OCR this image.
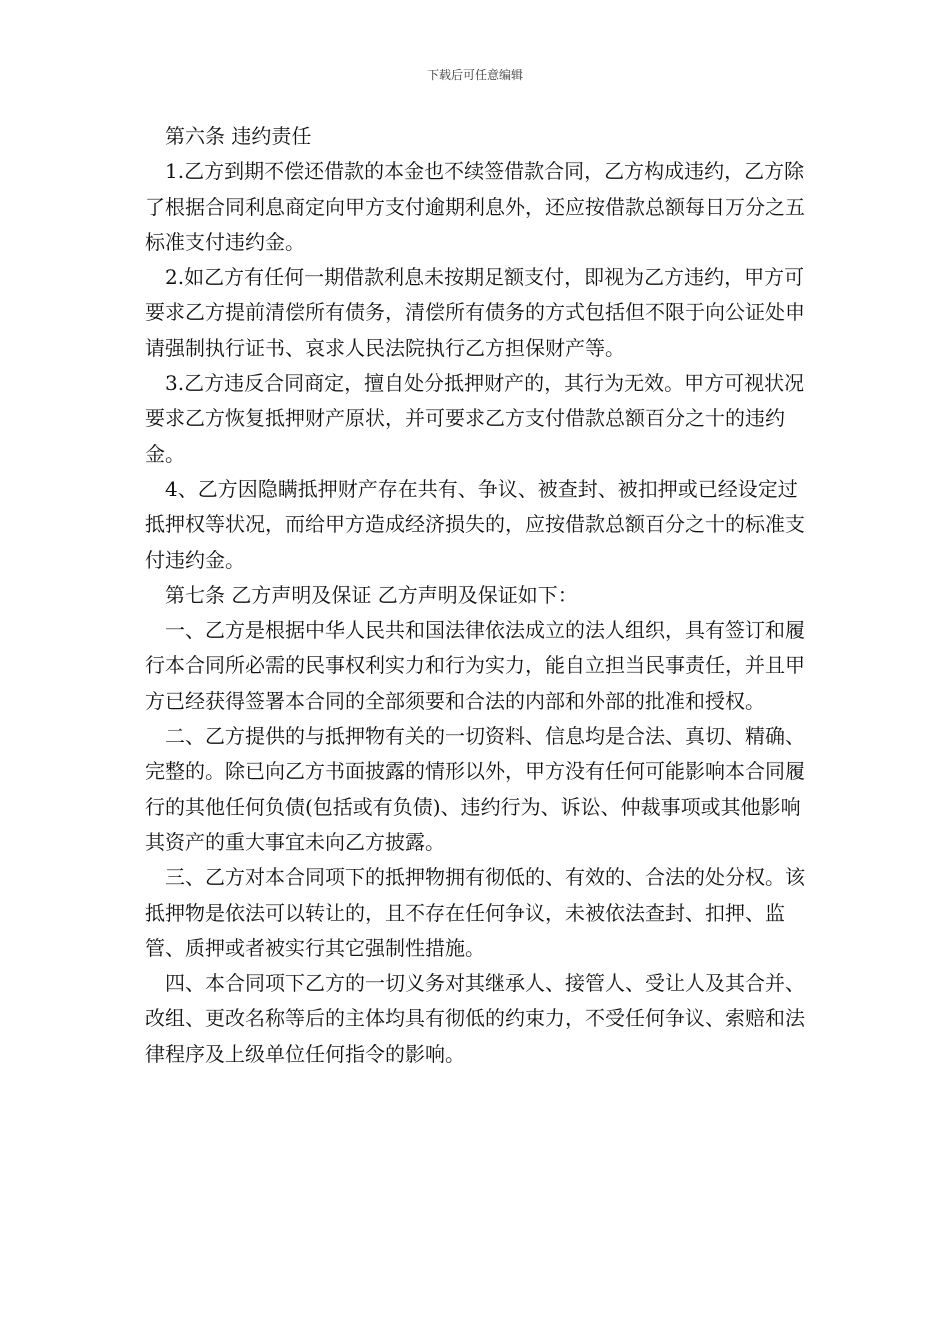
下载后可任意编辑

第六条 违约责任

1.乙方到期不偿还借款的本金也不续签借款合同，乙方构成违约，乙方除了根据合同利息商定向甲方支付逾期利息外，还应按借款总额每日万分之五标准支付违约金。

2.如乙方有任何一期借款利息未按期足额支付，即视为乙方违约，甲方可要求乙方提前清偿所有债务，清偿所有债务的方式包括但不限于向公证处申请强制执行证书、哀求人民法院执行乙方担保财产等。

3.乙方违反合同商定，擅自处分抵押财产的，其行为无效。甲方可视状况要求乙方恢复抵押财产原状，并可要求乙方支付借款总额百分之十的违约金。

4、乙方因隐瞒抵押财产存在共有、争议、被查封、被扣押或已经设定过抵押权等状况，而给甲方造成经济损失的，应按借款总额百分之十的标准支付违约金。

第七条 乙方声明及保证 乙方声明及保证如下：

一、乙方是根据中华人民共和国法律依法成立的法人组织，具有签订和履行本合同所必需的民事权利实力和行为实力，能自立担当民事责任，并且甲方已经获得签署本合同的全部须要和合法的内部和外部的批准和授权。

二、乙方提供的与抵押物有关的一切资料、信息均是合法、真切、精确、完整的。除已向乙方书面披露的情形以外，甲方没有任何可能影响本合同履行的其他任何负债(包括或有负债)、违约行为、诉讼、仲裁事项或其他影响其资产的重大事宜未向乙方披露。

三、乙方对本合同项下的抵押物拥有彻低的、有效的、合法的处分权。该抵押物是依法可以转让的，且不存在任何争议，未被依法查封、扣押、监管、质押或者被实行其它强制性措施。

四、本合同项下乙方的一切义务对其继承人、接管人、受让人及其合并、改组、更改名称等后的主体均具有彻低的约束力，不受任何争议、索赔和法律程序及上级单位任何指令的影响。
